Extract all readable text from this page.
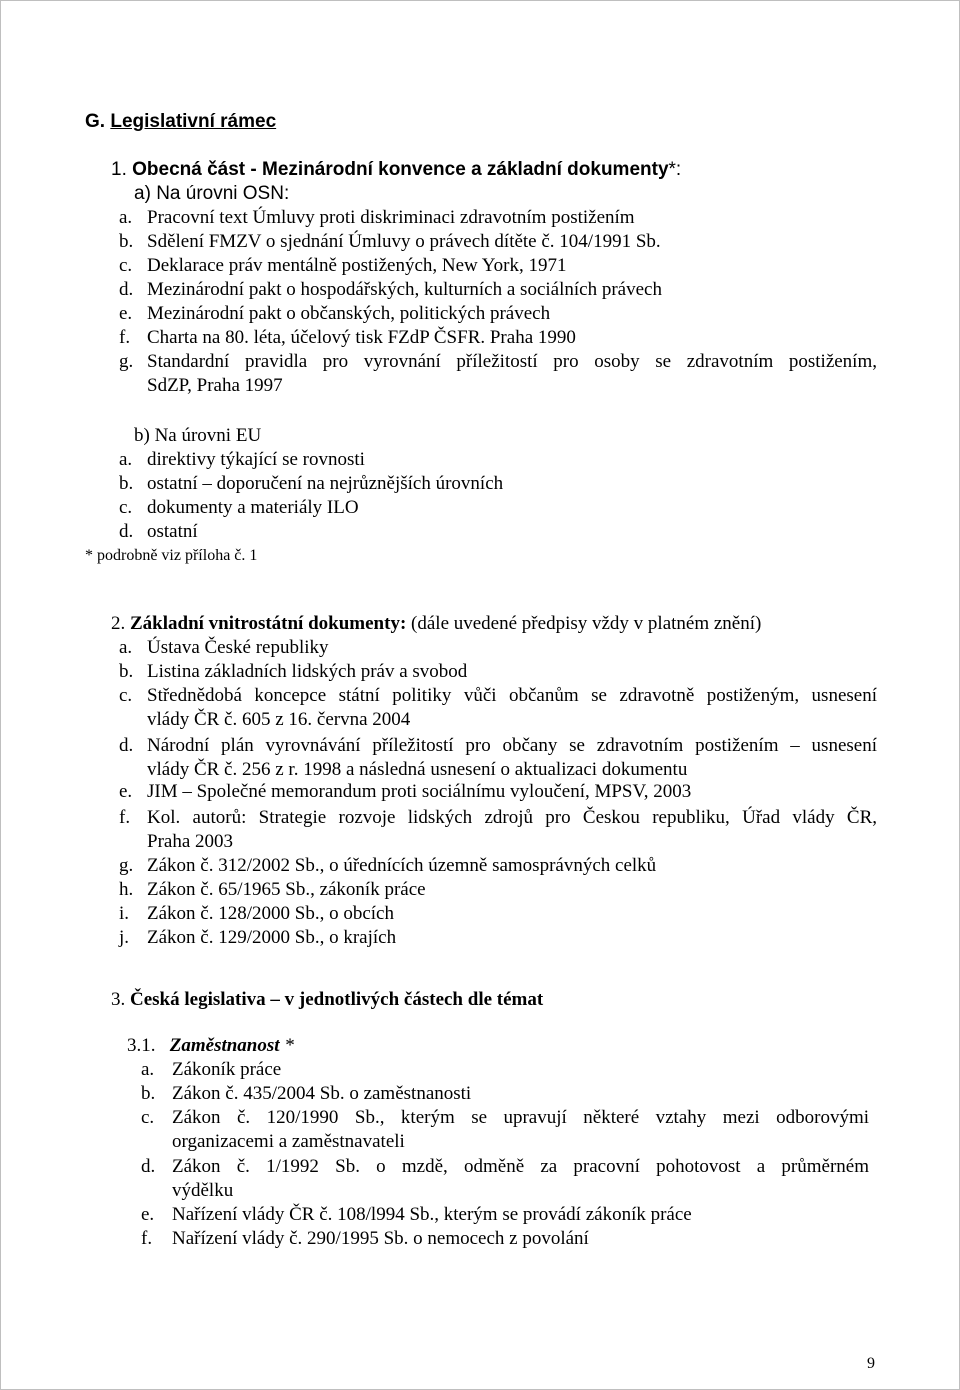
G. Legislativní rámec
1. Obecná část - Mezinárodní konvence a základní dokumenty*:
a) Na úrovni OSN:
a. Pracovní text Úmluvy proti diskriminaci zdravotním postižením
b. Sdělení FMZV o sjednání Úmluvy o právech dítěte č. 104/1991 Sb.
c. Deklarace práv mentálně postižených, New York, 1971
d. Mezinárodní pakt o hospodářských, kulturních a sociálních právech
e. Mezinárodní pakt o občanských, politických právech
f. Charta na 80. léta, účelový tisk FZdP ČSFR. Praha 1990
g. Standardní pravidla pro vyrovnání příležitostí pro osoby se zdravotním postižením,
SdZP, Praha 1997
b) Na úrovni EU
a. direktivy týkající se rovnosti
b. ostatní – doporučení na nejrůznějších úrovních
c. dokumenty a materiály ILO
d. ostatní
* podrobně viz příloha č. 1
2. Základní vnitrostátní dokumenty: (dále uvedené předpisy vždy v platném znění)
a. Ústava České republiky
b. Listina základních lidských práv a svobod
c. Střednědobá koncepce státní politiky vůči občanům se zdravotně postiženým, usnesení
vlády ČR č. 605 z 16. června 2004
d. Národní plán vyrovnávání příležitostí pro občany se zdravotním postižením – usnesení
vlády ČR č. 256 z r. 1998 a následná usnesení o aktualizaci dokumentu
e. JIM – Společné memorandum proti sociálnímu vyloučení, MPSV, 2003
f. Kol. autorů: Strategie rozvoje lidských zdrojů pro Českou republiku, Úřad vlády ČR,
Praha 2003
g. Zákon č. 312/2002 Sb., o úřednících územně samosprávných celků
h. Zákon č. 65/1965 Sb., zákoník práce
i. Zákon č. 128/2000 Sb., o obcích
j. Zákon č. 129/2000 Sb., o krajích
3. Česká legislativa – v jednotlivých částech dle témat
3.1. Zaměstnanost *
a. Zákoník práce
b. Zákon č. 435/2004 Sb. o zaměstnanosti
c. Zákon č. 120/1990 Sb., kterým se upravují některé vztahy mezi odborovými
organizacemi a zaměstnavateli
d. Zákon č. 1/1992 Sb. o mzdě, odměně za pracovní pohotovost a průměrném
výdělku
e. Nařízení vlády ČR č. 108/l994 Sb., kterým se provádí zákoník práce
f. Nařízení vlády č. 290/1995 Sb. o nemocech z povolání
9
